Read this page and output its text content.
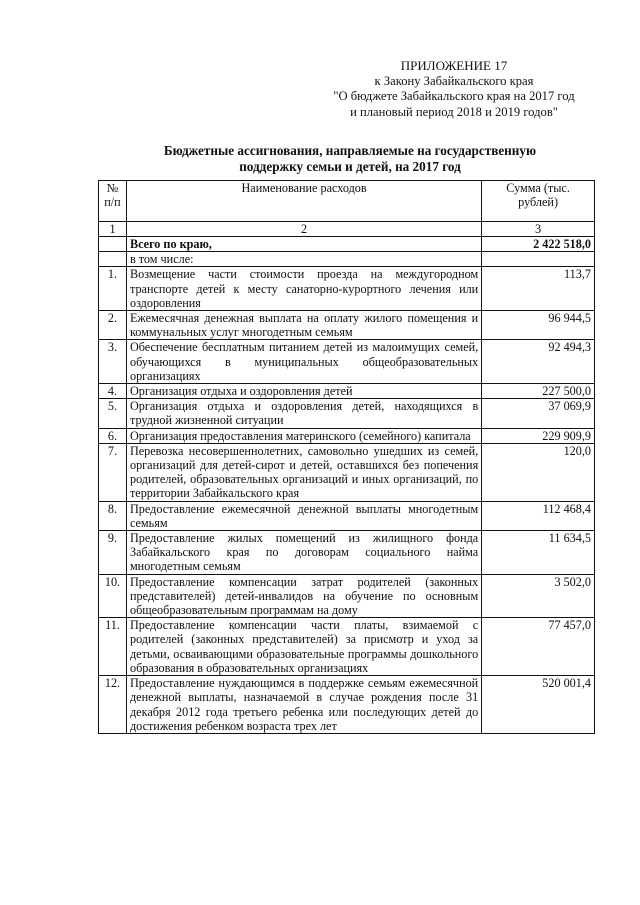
ПРИЛОЖЕНИЕ 17
к Закону Забайкальского края
"О бюджете Забайкальского края на 2017 год
и плановый период 2018 и 2019 годов"
Бюджетные ассигнования, направляемые на государственную
поддержку семьи и детей, на 2017 год
№ п/п	Наименование расходов	Сумма (тыс. рублей)
1	2	3
	Всего по краю,	2 422 518,0
	в том числе:	
1.	Возмещение части стоимости проезда на междугородном транспорте детей к месту санаторно-курортного лечения или оздоровления	113,7
2.	Ежемесячная денежная выплата на оплату жилого помещения и коммунальных услуг многодетным семьям	96 944,5
3.	Обеспечение бесплатным питанием детей из малоимущих семей, обучающихся в муниципальных общеобразовательных организациях	92 494,3
4.	Организация отдыха и оздоровления детей	227 500,0
5.	Организация отдыха и оздоровления детей, находящихся в трудной жизненной ситуации	37 069,9
6.	Организация предоставления материнского (семейного) капитала	229 909,9
7.	Перевозка несовершеннолетних, самовольно ушедших из семей, организаций для детей-сирот и детей, оставшихся без попечения родителей, образовательных организаций и иных организаций, по территории Забайкальского края	120,0
8.	Предоставление ежемесячной денежной выплаты многодетным семьям	112 468,4
9.	Предоставление жилых помещений из жилищного фонда Забайкальского края по договорам социального найма многодетным семьям	11 634,5
10.	Предоставление компенсации затрат родителей (законных представителей) детей-инвалидов на обучение по основным общеобразовательным программам на дому	3 502,0
11.	Предоставление компенсации части платы, взимаемой с родителей (законных представителей) за присмотр и уход за детьми, осваивающими образовательные программы дошкольного образования в образовательных организациях	77 457,0
12.	Предоставление нуждающимся в поддержке семьям ежемесячной денежной выплаты, назначаемой в случае рождения после 31 декабря 2012 года третьего ребенка или последующих детей до достижения ребенком возраста трех лет	520 001,4
